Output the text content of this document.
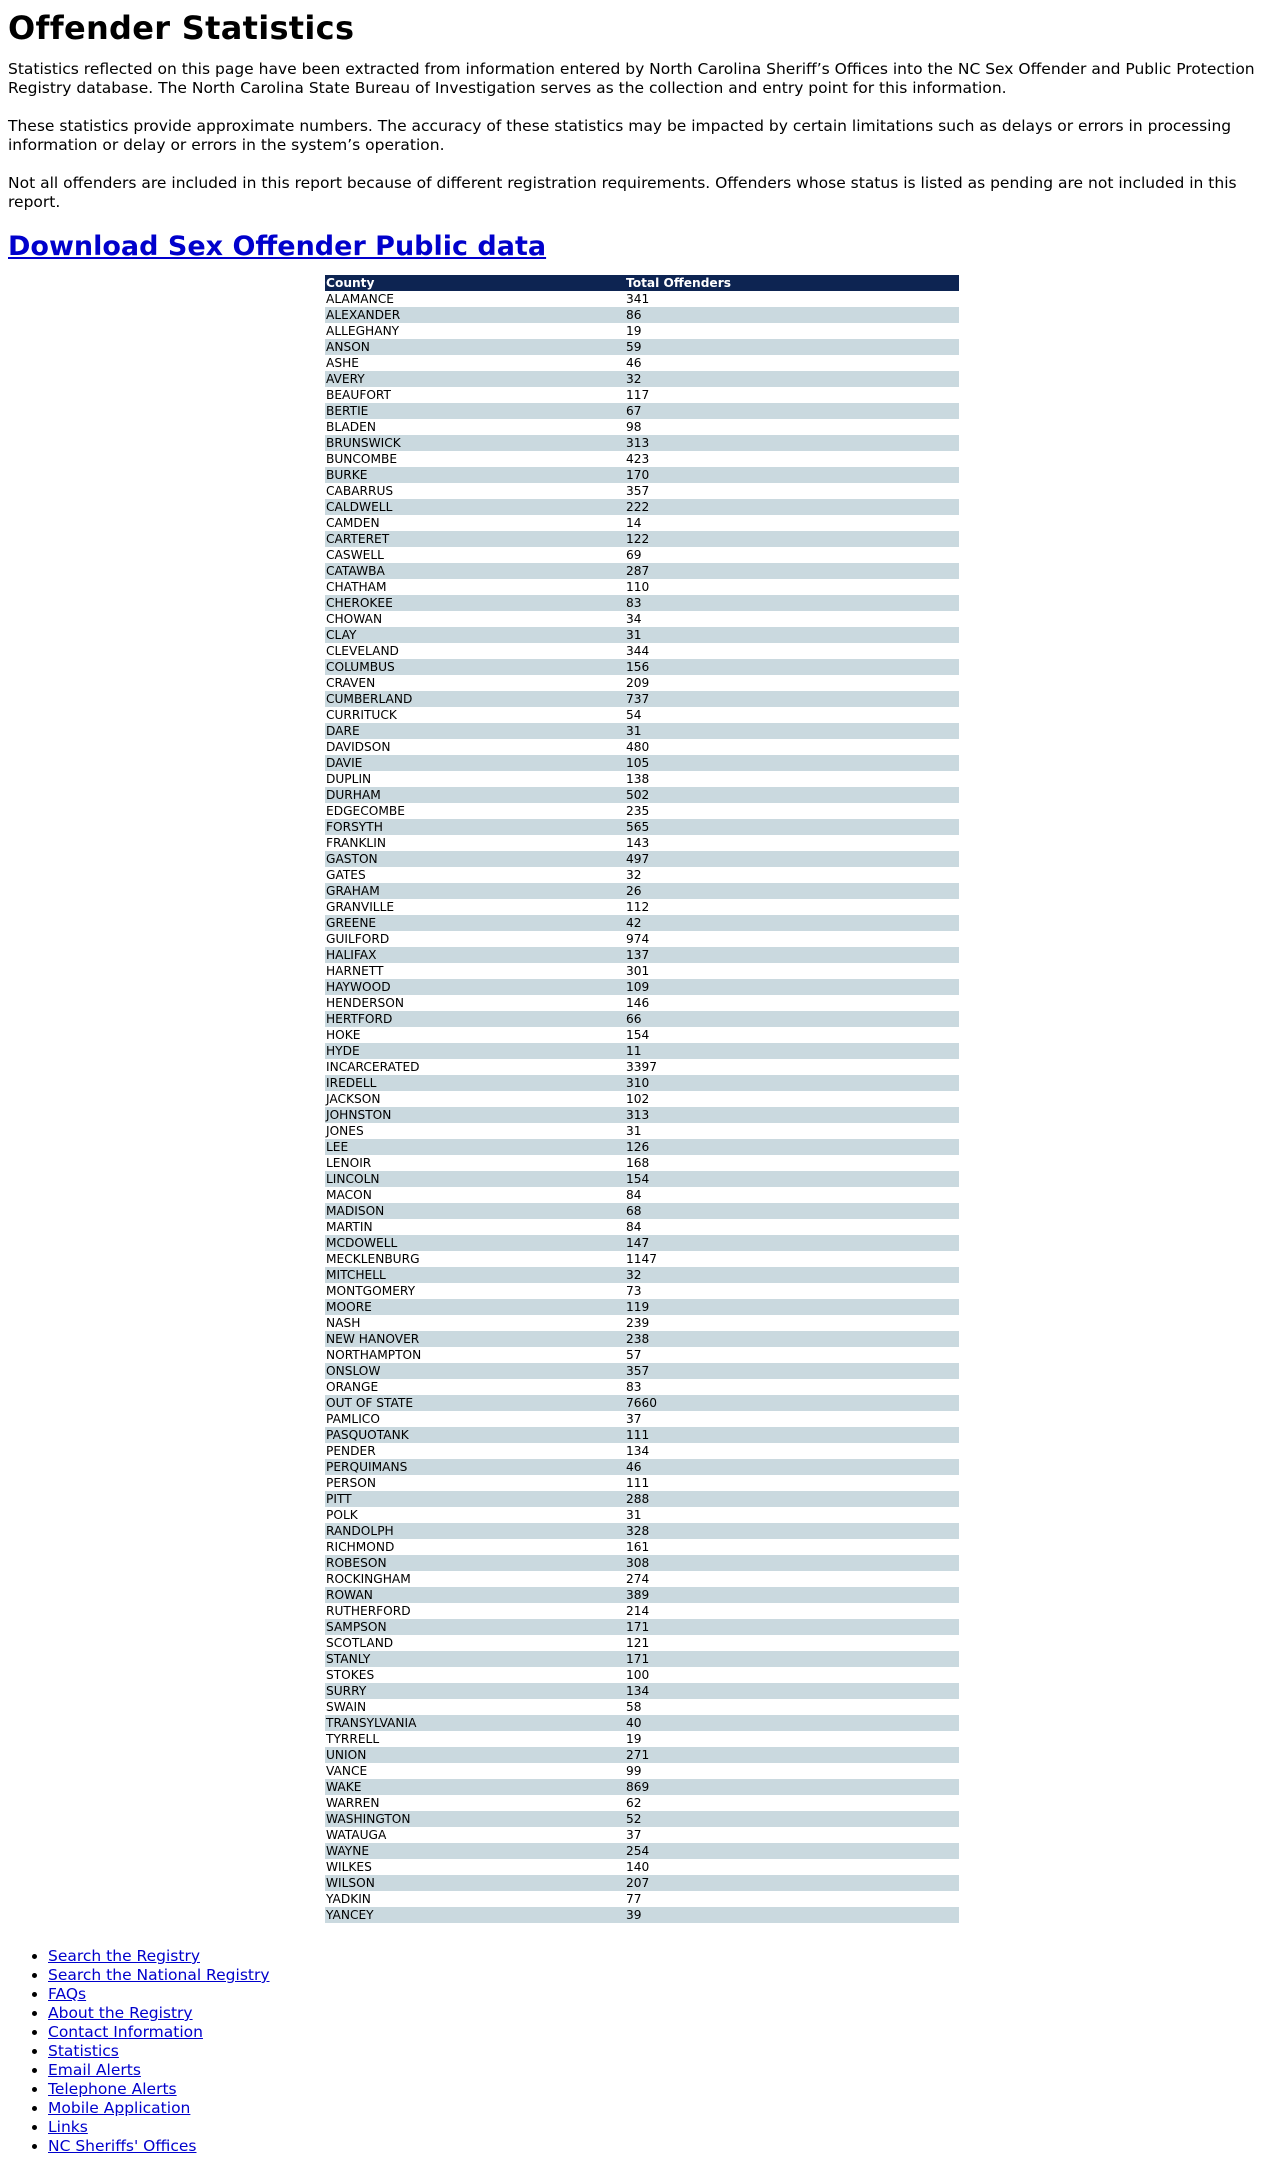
Offender Statistics

Statistics reflected on this page have been extracted from information entered by North Carolina Sheriff’s Offices into the NC Sex Offender and Public Protection Registry database. The North Carolina State Bureau of Investigation serves as the collection and entry point for this information.

These statistics provide approximate numbers. The accuracy of these statistics may be impacted by certain limitations such as delays or errors in processing information or delay or errors in the system’s operation.

Not all offenders are included in this report because of different registration requirements. Offenders whose status is listed as pending are not included in this report.

Download Sex Offender Public data
County	Total Offenders
ALAMANCE	341
ALEXANDER	86
ALLEGHANY	19
ANSON	59
ASHE	46
AVERY	32
BEAUFORT	117
BERTIE	67
BLADEN	98
BRUNSWICK	313
BUNCOMBE	423
BURKE	170
CABARRUS	357
CALDWELL	222
CAMDEN	14
CARTERET	122
CASWELL	69
CATAWBA	287
CHATHAM	110
CHEROKEE	83
CHOWAN	34
CLAY	31
CLEVELAND	344
COLUMBUS	156
CRAVEN	209
CUMBERLAND	737
CURRITUCK	54
DARE	31
DAVIDSON	480
DAVIE	105
DUPLIN	138
DURHAM	502
EDGECOMBE	235
FORSYTH	565
FRANKLIN	143
GASTON	497
GATES	32
GRAHAM	26
GRANVILLE	112
GREENE	42
GUILFORD	974
HALIFAX	137
HARNETT	301
HAYWOOD	109
HENDERSON	146
HERTFORD	66
HOKE	154
HYDE	11
INCARCERATED	3397
IREDELL	310
JACKSON	102
JOHNSTON	313
JONES	31
LEE	126
LENOIR	168
LINCOLN	154
MACON	84
MADISON	68
MARTIN	84
MCDOWELL	147
MECKLENBURG	1147
MITCHELL	32
MONTGOMERY	73
MOORE	119
NASH	239
NEW HANOVER	238
NORTHAMPTON	57
ONSLOW	357
ORANGE	83
OUT OF STATE	7660
PAMLICO	37
PASQUOTANK	111
PENDER	134
PERQUIMANS	46
PERSON	111
PITT	288
POLK	31
RANDOLPH	328
RICHMOND	161
ROBESON	308
ROCKINGHAM	274
ROWAN	389
RUTHERFORD	214
SAMPSON	171
SCOTLAND	121
STANLY	171
STOKES	100
SURRY	134
SWAIN	58
TRANSYLVANIA	40
TYRRELL	19
UNION	271
VANCE	99
WAKE	869
WARREN	62
WASHINGTON	52
WATAUGA	37
WAYNE	254
WILKES	140
WILSON	207
YADKIN	77
YANCEY	39
• Search the Registry
• Search the National Registry
• FAQs
• About the Registry
• Contact Information
• Statistics
• Email Alerts
• Telephone Alerts
• Mobile Application
• Links
• NC Sheriffs' Offices
